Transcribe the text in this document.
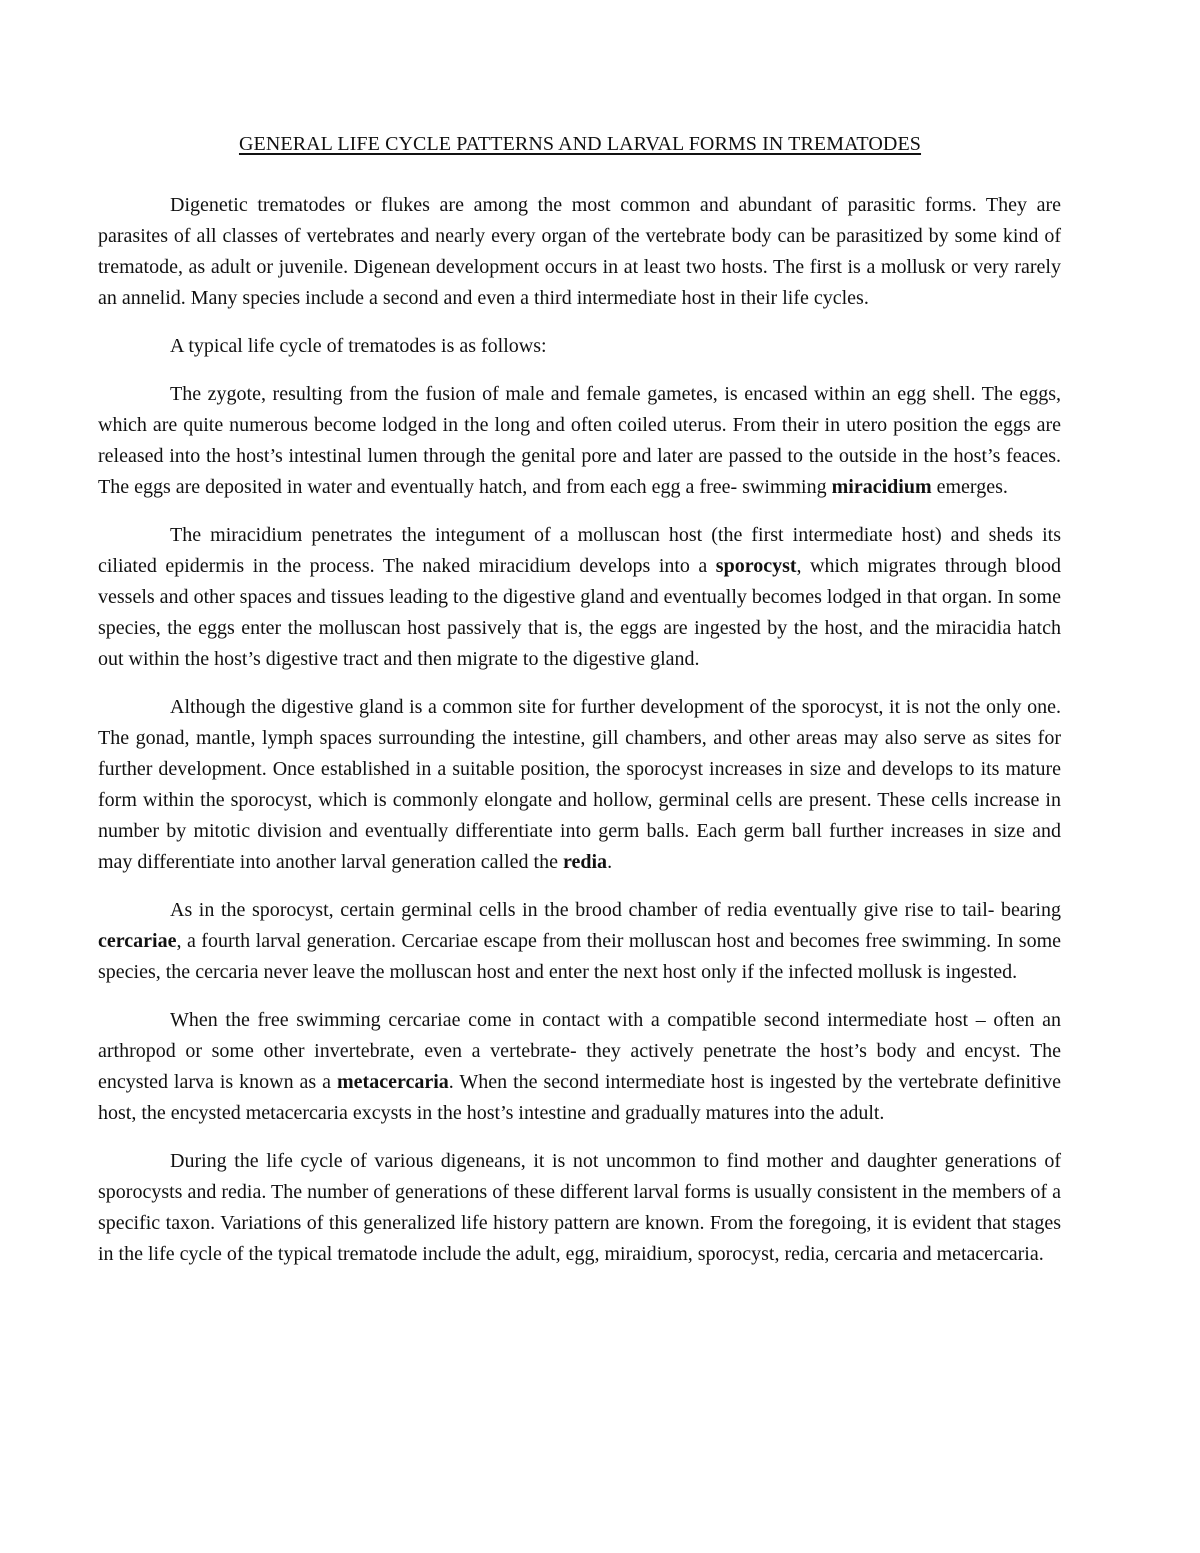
GENERAL LIFE CYCLE PATTERNS AND LARVAL FORMS IN TREMATODES

Digenetic trematodes or flukes are among the most common and abundant of parasitic forms. They are parasites of all classes of vertebrates and nearly every organ of the vertebrate body can be parasitized by some kind of trematode, as adult or juvenile. Digenean development occurs in at least two hosts. The first is a mollusk or very rarely an annelid. Many species include a second and even a third intermediate host in their life cycles.

A typical life cycle of trematodes is as follows:

The zygote, resulting from the fusion of male and female gametes, is encased within an egg shell. The eggs, which are quite numerous become lodged in the long and often coiled uterus. From their in utero position the eggs are released into the host’s intestinal lumen through the genital pore and later are passed to the outside in the host’s feaces. The eggs are deposited in water and eventually hatch, and from each egg a free- swimming miracidium emerges.

The miracidium penetrates the integument of a molluscan host (the first intermediate host) and sheds its ciliated epidermis in the process. The naked miracidium develops into a sporocyst, which migrates through blood vessels and other spaces and tissues leading to the digestive gland and eventually becomes lodged in that organ. In some species, the eggs enter the molluscan host passively that is, the eggs are ingested by the host, and the miracidia hatch out within the host’s digestive tract and then migrate to the digestive gland.

Although the digestive gland is a common site for further development of the sporocyst, it is not the only one. The gonad, mantle, lymph spaces surrounding the intestine, gill chambers, and other areas may also serve as sites for further development. Once established in a suitable position, the sporocyst increases in size and develops to its mature form within the sporocyst, which is commonly elongate and hollow, germinal cells are present. These cells increase in number by mitotic division and eventually differentiate into germ balls. Each germ ball further increases in size and may differentiate into another larval generation called the redia.

As in the sporocyst, certain germinal cells in the brood chamber of redia eventually give rise to tail- bearing cercariae, a fourth larval generation. Cercariae escape from their molluscan host and becomes free swimming. In some species, the cercaria never leave the molluscan host and enter the next host only if the infected mollusk is ingested.

When the free swimming cercariae come in contact with a compatible second intermediate host – often an arthropod or some other invertebrate, even a vertebrate- they actively penetrate the host’s body and encyst. The encysted larva is known as a metacercaria. When the second intermediate host is ingested by the vertebrate definitive host, the encysted metacercaria excysts in the host’s intestine and gradually matures into the adult.

During the life cycle of various digeneans, it is not uncommon to find mother and daughter generations of sporocysts and redia. The number of generations of these different larval forms is usually consistent in the members of a specific taxon. Variations of this generalized life history pattern are known. From the foregoing, it is evident that stages in the life cycle of the typical trematode include the adult, egg, miraidium, sporocyst, redia, cercaria and metacercaria.
